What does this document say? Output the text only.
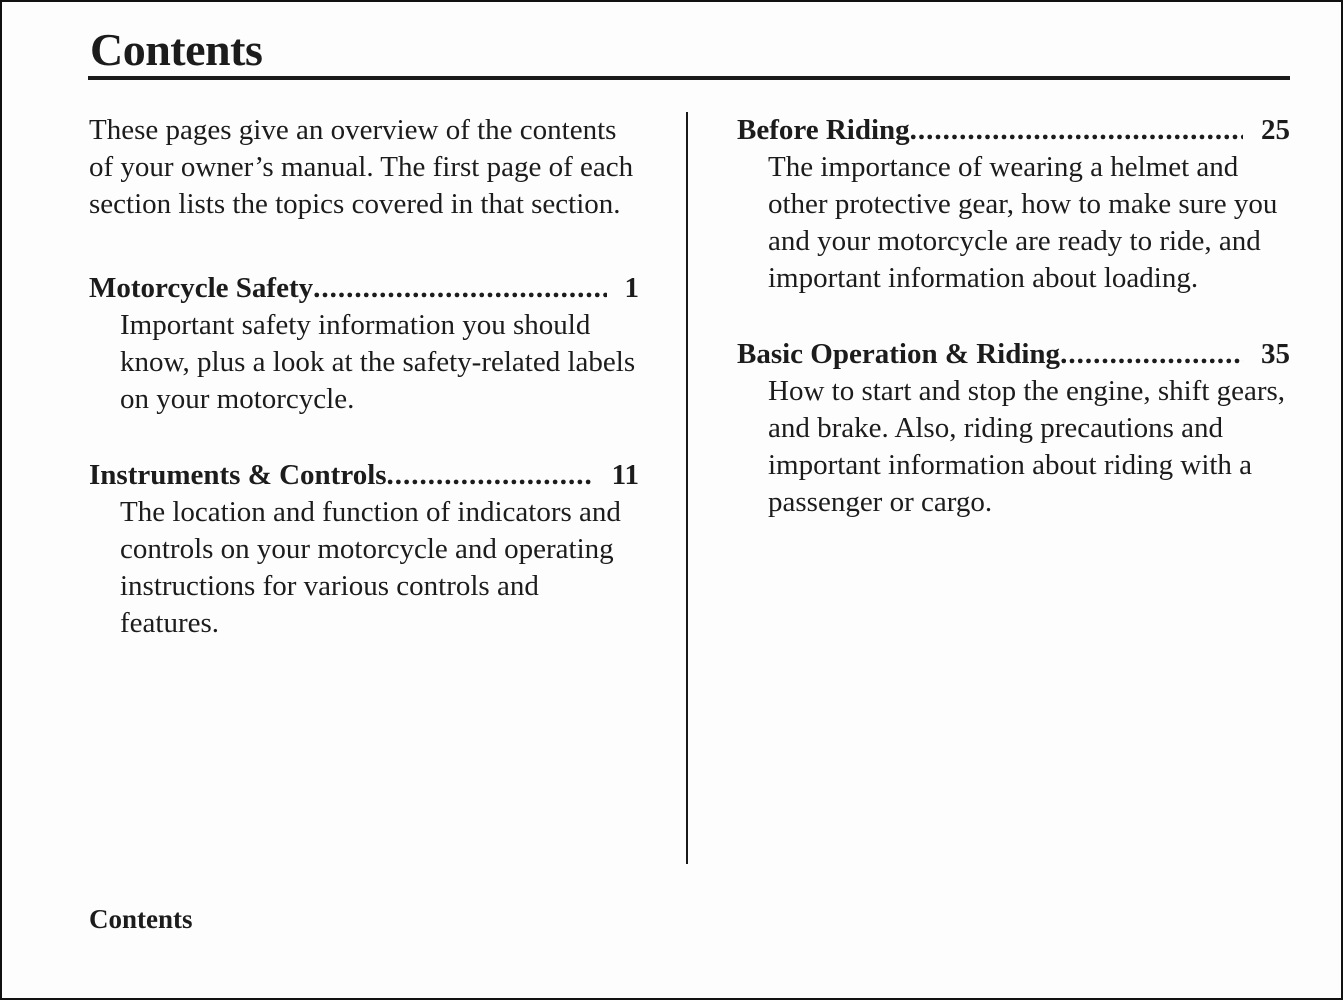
Contents

These pages give an overview of the contents of your owner’s manual. The first page of each section lists the topics covered in that section.

Motorcycle Safety .....	1

Important safety information you should know, plus a look at the safety-related labels on your motorcycle.

Instruments & Controls .....	11

The location and function of indicators and controls on your motorcycle and operating instructions for various controls and features.

Before Riding .....	25

The importance of wearing a helmet and other protective gear, how to make sure you and your motorcycle are ready to ride, and important information about loading.

Basic Operation & Riding .....	35

How to start and stop the engine, shift gears, and brake. Also, riding precautions and important information about riding with a passenger or cargo.

Contents
